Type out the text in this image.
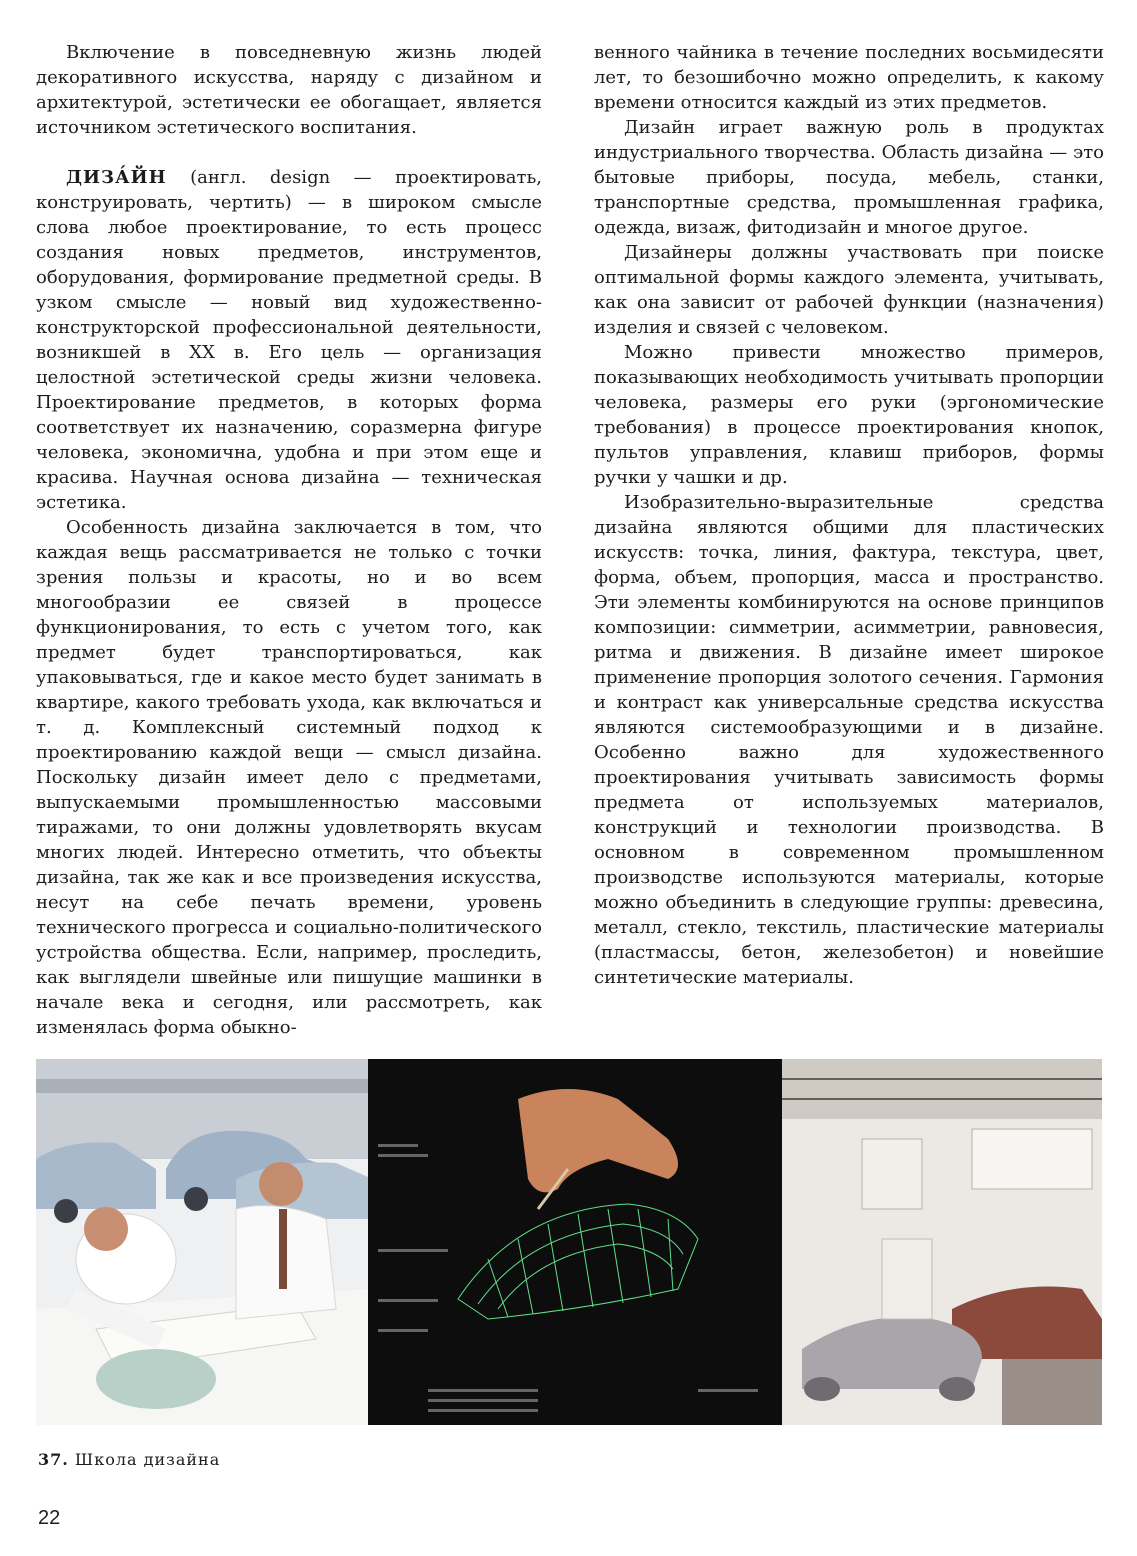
Включение в повседневную жизнь людей декоративного искусства, наряду с дизайном и архитектурой, эстетически ее обогащает, является источником эстетического воспитания.

ДИЗА́ЙН (англ. design — проектировать, конструировать, чертить) — в широком смысле слова любое проектирование, то есть процесс создания новых предметов, инструментов, оборудования, формирование предметной среды. В узком смысле — новый вид художественно-конструкторской профессиональной деятельности, возникшей в XX в. Его цель — организация целостной эстетической среды жизни человека. Проектирование предметов, в которых форма соответствует их назначению, соразмерна фигуре человека, экономична, удобна и при этом еще и красива. Научная основа дизайна — техническая эстетика.

Особенность дизайна заключается в том, что каждая вещь рассматривается не только с точки зрения пользы и красоты, но и во всем многообразии ее связей в процессе функционирования, то есть с учетом того, как предмет будет транспортироваться, как упаковываться, где и какое место будет занимать в квартире, какого требовать ухода, как включаться и т. д. Комплексный системный подход к проектированию каждой вещи — смысл дизайна. Поскольку дизайн имеет дело с предметами, выпускаемыми промышленностью массовыми тиражами, то они должны удовлетворять вкусам многих людей. Интересно отметить, что объекты дизайна, так же как и все произведения искусства, несут на себе печать времени, уровень технического прогресса и социально-политического устройства общества. Если, например, проследить, как выглядели швейные или пишущие машинки в начале века и сегодня, или рассмотреть, как изменялась форма обыкно-

венного чайника в течение последних восьмидесяти лет, то безошибочно можно определить, к какому времени относится каждый из этих предметов.

Дизайн играет важную роль в продуктах индустриального творчества. Область дизайна — это бытовые приборы, посуда, мебель, станки, транспортные средства, промышленная графика, одежда, визаж, фитодизайн и многое другое.

Дизайнеры должны участвовать при поиске оптимальной формы каждого элемента, учитывать, как она зависит от рабочей функции (назначения) изделия и связей с человеком.

Можно привести множество примеров, показывающих необходимость учитывать пропорции человека, размеры его руки (эргономические требования) в процессе проектирования кнопок, пультов управления, клавиш приборов, формы ручки у чашки и др.

Изобразительно-выразительные средства дизайна являются общими для пластических искусств: точка, линия, фактура, текстура, цвет, форма, объем, пропорция, масса и пространство. Эти элементы комбинируются на основе принципов композиции: симметрии, асимметрии, равновесия, ритма и движения. В дизайне имеет широкое применение пропорция золотого сечения. Гармония и контраст как универсальные средства искусства являются системообразующими и в дизайне. Особенно важно для художественного проектирования учитывать зависимость формы предмета от используемых материалов, конструкций и технологии производства. В основном в современном промышленном производстве используются материалы, которые можно объединить в следующие группы: древесина, металл, стекло, текстиль, пластические материалы (пластмассы, бетон, железобетон) и новейшие синтетические материалы.

37. Школа дизайна
22
